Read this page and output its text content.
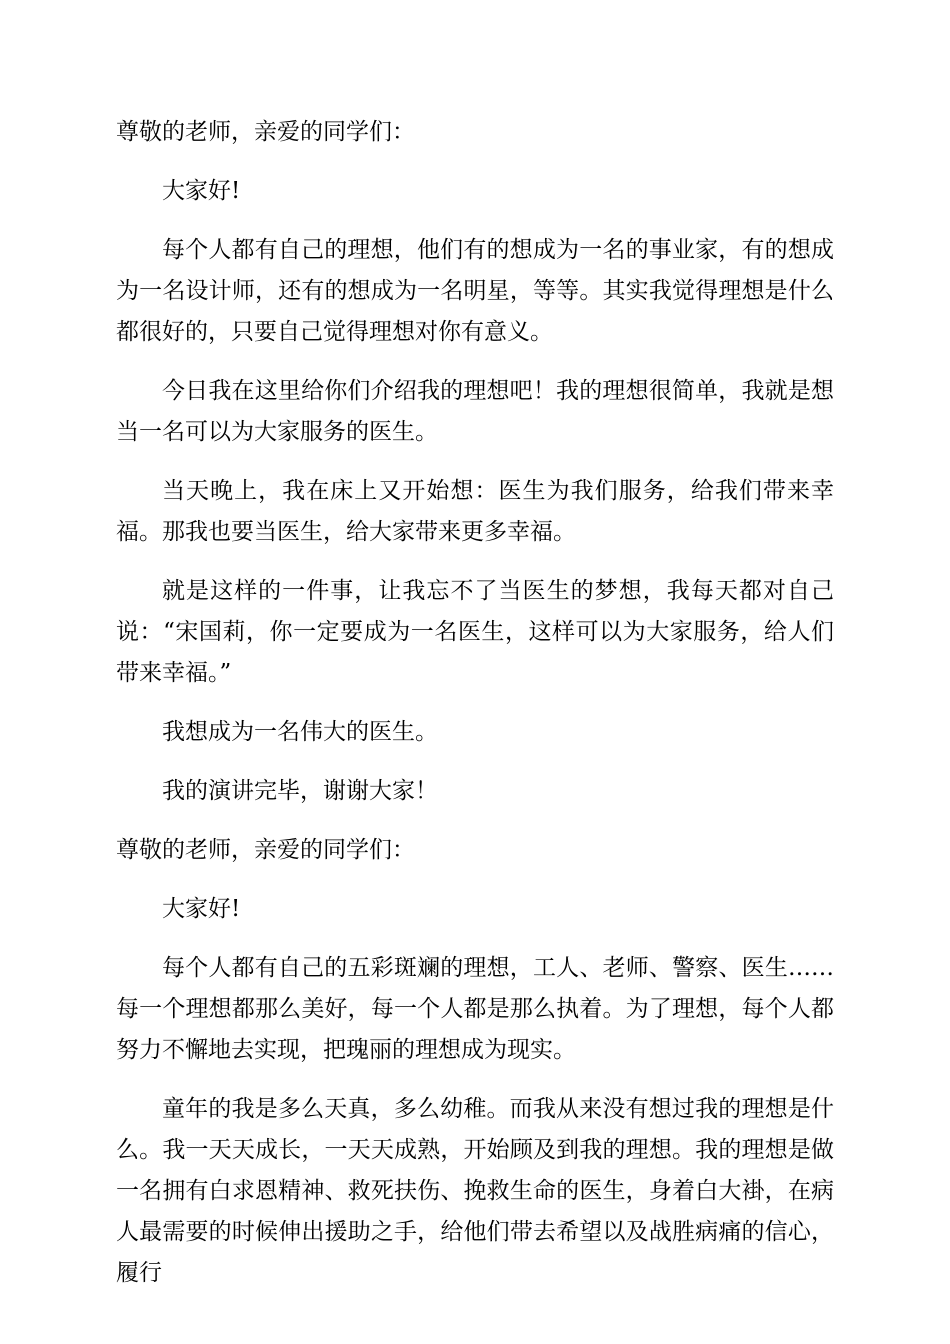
尊敬的老师，亲爱的同学们：

大家好!

每个人都有自己的理想，他们有的想成为一名的事业家，有的想成为一名设计师，还有的想成为一名明星，等等。其实我觉得理想是什么都很好的，只要自己觉得理想对你有意义。

今日我在这里给你们介绍我的理想吧！我的理想很简单，我就是想当一名可以为大家服务的医生。

当天晚上，我在床上又开始想：医生为我们服务，给我们带来幸福。那我也要当医生，给大家带来更多幸福。

就是这样的一件事，让我忘不了当医生的梦想，我每天都对自己说：“宋国莉，你一定要成为一名医生，这样可以为大家服务，给人们带来幸福。”

我想成为一名伟大的医生。

我的演讲完毕，谢谢大家！

尊敬的老师，亲爱的同学们：

大家好!

每个人都有自己的五彩斑斓的理想，工人、老师、警察、医生……每一个理想都那么美好，每一个人都是那么执着。为了理想，每个人都努力不懈地去实现，把瑰丽的理想成为现实。

童年的我是多么天真，多么幼稚。而我从来没有想过我的理想是什么。我一天天成长，一天天成熟，开始顾及到我的理想。我的理想是做一名拥有白求恩精神、救死扶伤、挽救生命的医生，身着白大褂，在病人最需要的时候伸出援助之手，给他们带去希望以及战胜病痛的信心，履行
